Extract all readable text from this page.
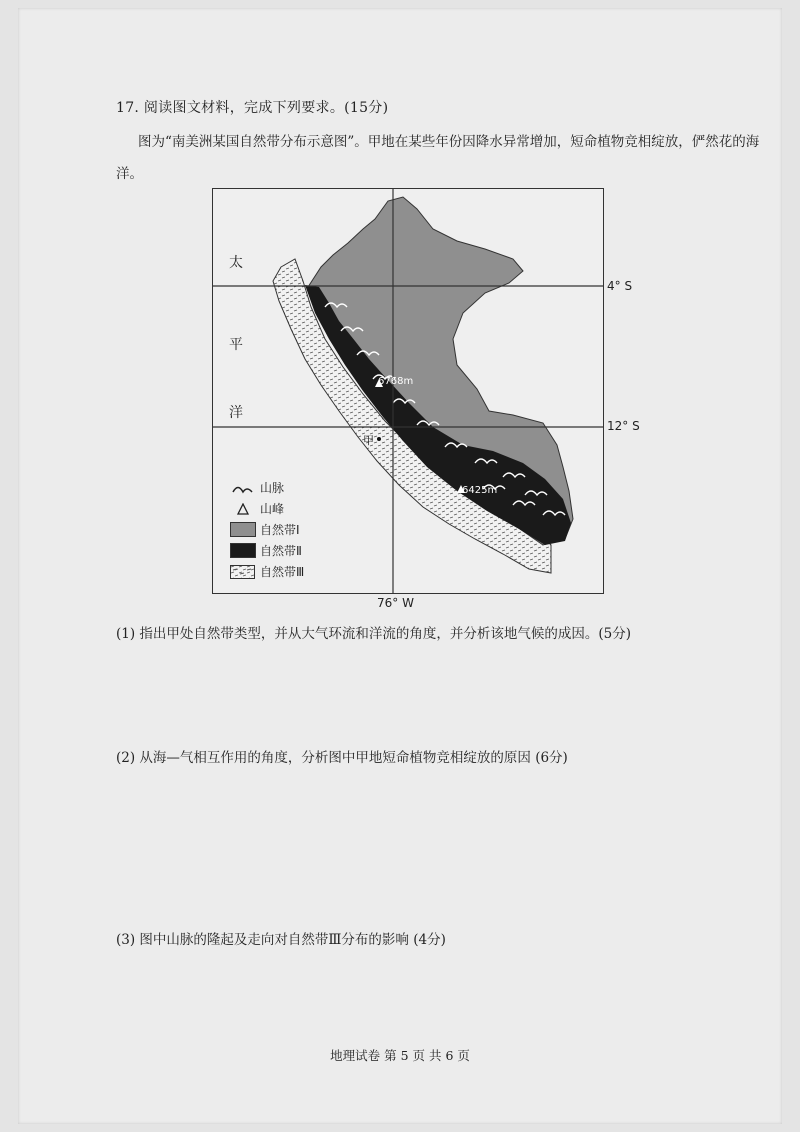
17. 阅读图文材料，完成下列要求。(15分)
图为“南美洲某国自然带分布示意图”。甲地在某些年份因降水异常增加，短命植物竞相绽放，俨然花的海洋。
4° S
12° S
76° W
太
平
洋
甲
6768m
6425m
山脉
山峰
自然带Ⅰ
自然带Ⅱ
自然带Ⅲ
(1) 指出甲处自然带类型，并从大气环流和洋流的角度，并分析该地气候的成因。(5分)
(2) 从海—气相互作用的角度，分析图中甲地短命植物竞相绽放的原因 (6分)
(3) 图中山脉的隆起及走向对自然带Ⅲ分布的影响 (4分)
地理试卷 第 5 页 共 6 页
